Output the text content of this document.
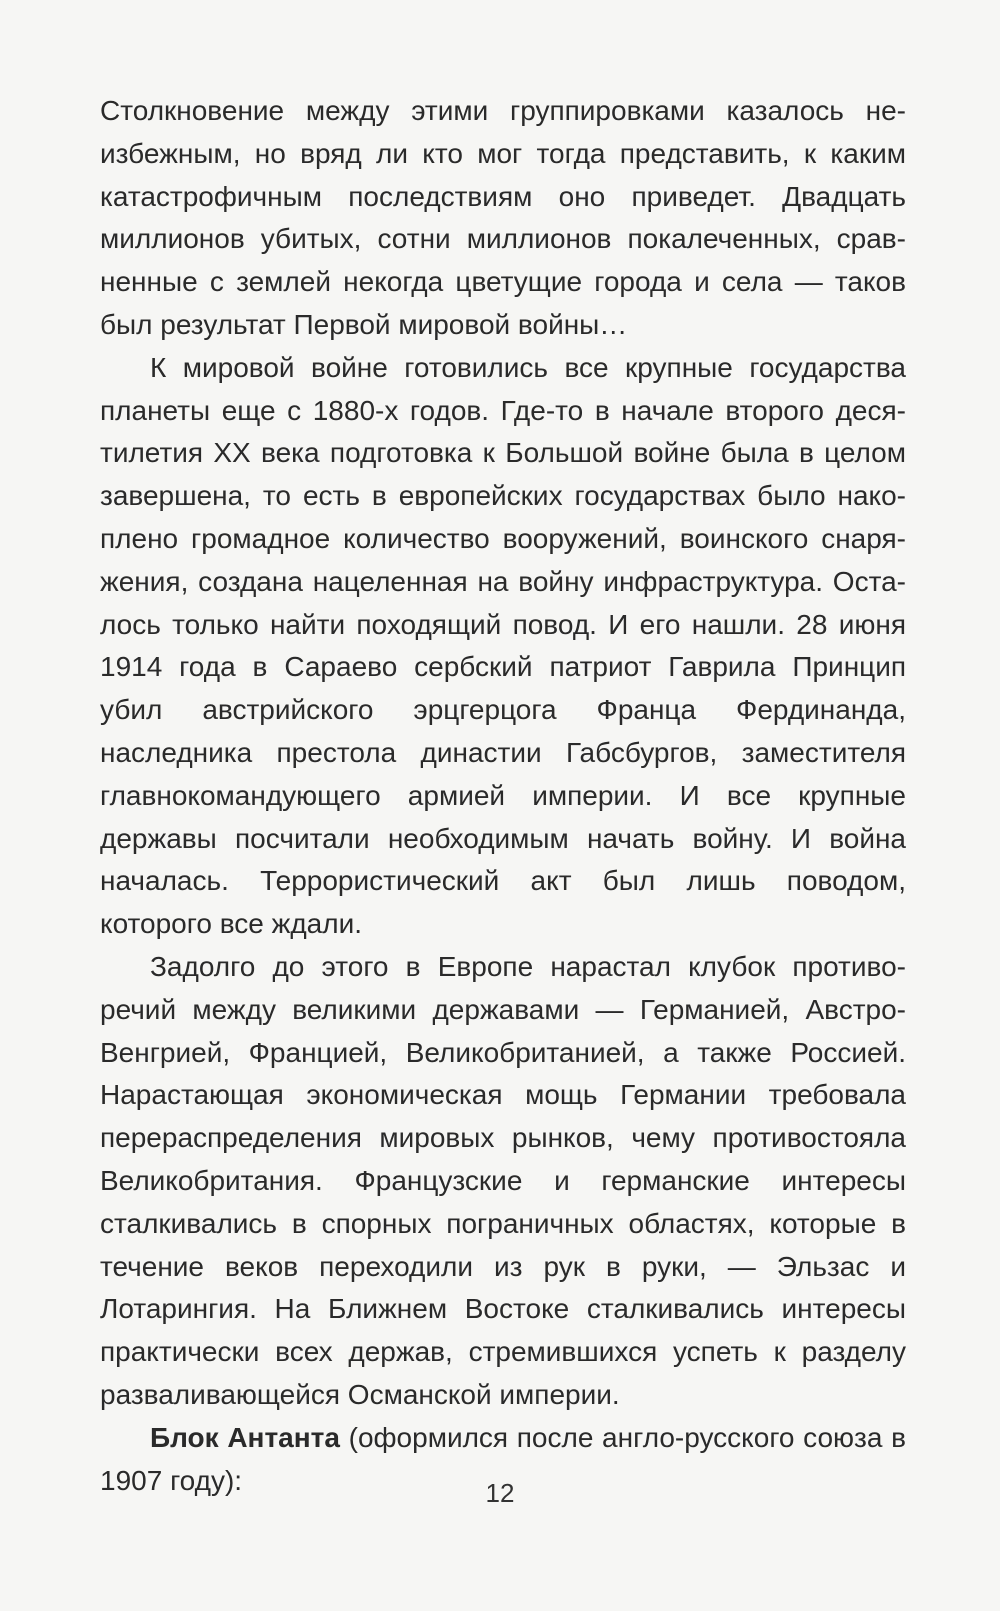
Столкновение между этими группировками казалось неизбежным, но вряд ли кто мог тогда представить, к каким катастрофичным последствиям оно приведет. Двадцать миллионов убитых, сотни миллионов покалеченных, сравненные с землей некогда цветущие города и села — таков был результат Первой мировой войны…

К мировой войне готовились все крупные государства планеты еще с 1880-х годов. Где-то в начале второго десятилетия XX века подготовка к Большой войне была в целом завершена, то есть в европейских государствах было накоплено громадное количество вооружений, воинского снаряжения, создана нацеленная на войну инфраструктура. Осталось только найти походящий повод. И его нашли. 28 июня 1914 года в Сараево сербский патриот Гаврила Принцип убил австрийского эрцгерцога Франца Фердинанда, наследника престола династии Габсбургов, заместителя главнокомандующего армией империи. И все крупные державы посчитали необходимым начать войну. И война началась. Террористический акт был лишь поводом, которого все ждали.

Задолго до этого в Европе нарастал клубок противоречий между великими державами — Германией, Австро-Венгрией, Францией, Великобританией, а также Россией. Нарастающая экономическая мощь Германии требовала перераспределения мировых рынков, чему противостояла Великобритания. Французские и германские интересы сталкивались в спорных пограничных областях, которые в течение веков переходили из рук в руки, — Эльзас и Лотарингия. На Ближнем Востоке сталкивались интересы практически всех держав, стремившихся успеть к разделу разваливающейся Османской империи.

Блок Антанта (оформился после англо-русского союза в 1907 году):	12
